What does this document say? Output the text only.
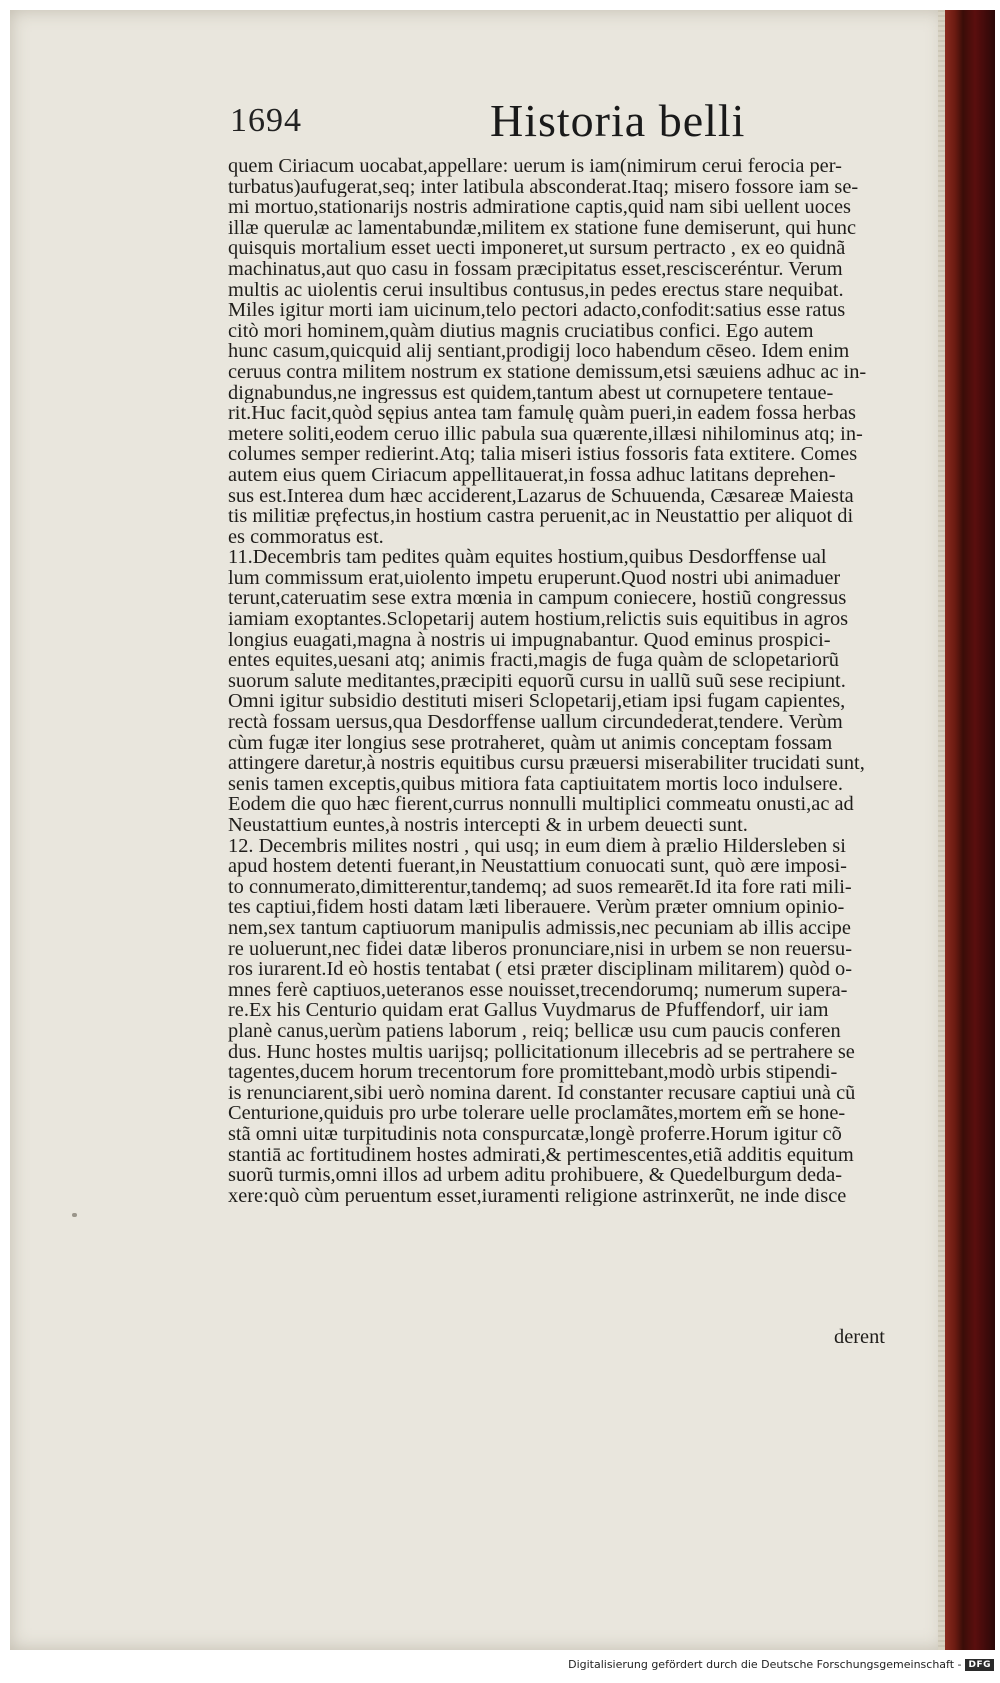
1694	Historia belli
quem Ciriacum uocabat,appellare: uerum is iam(nimirum cerui ferocia per-
turbatus)aufugerat,seq; inter latibula absconderat.Itaq; misero fossore iam se-
mi mortuo,stationarijs nostris admiratione captis,quid nam sibi uellent uoces
illæ querulæ ac lamentabundæ,militem ex statione fune demiserunt, qui hunc
quisquis mortalium esset uecti imponeret,ut sursum pertracto , ex eo quidnã
machinatus,aut quo casu in fossam præcipitatus esset,rescisceréntur. Verum
multis ac uiolentis cerui insultibus contusus,in pedes erectus stare nequibat.
Miles igitur morti iam uicinum,telo pectori adacto,confodit:satius esse ratus
citò mori hominem,quàm diutius magnis cruciatibus confici. Ego autem
hunc casum,quicquid alij sentiant,prodigij loco habendum cēseo. Idem enim
ceruus contra militem nostrum ex statione demissum,etsi sæuiens adhuc ac in-
dignabundus,ne ingressus est quidem,tantum abest ut cornupetere tentaue-
rit.Huc facit,quòd sępius antea tam famulę quàm pueri,in eadem fossa herbas
metere soliti,eodem ceruo illic pabula sua quærente,illæsi nihilominus atq; in-
columes semper redierint.Atq; talia miseri istius fossoris fata extitere. Comes
autem eius quem Ciriacum appellitauerat,in fossa adhuc latitans deprehen-
sus est.Interea dum hæc acciderent,Lazarus de Schuuenda, Cæsareæ Maiesta
tis militiæ pręfectus,in hostium castra peruenit,ac in Neustattio per aliquot di
es commoratus est.
11.Decembris tam pedites quàm equites hostium,quibus Desdorffense ual
lum commissum erat,uiolento impetu eruperunt.Quod nostri ubi animaduer
terunt,cateruatim sese extra mœnia in campum coniecere, hostiũ congressus
iamiam exoptantes.Sclopetarij autem hostium,relictis suis equitibus in agros
longius euagati,magna à nostris ui impugnabantur. Quod eminus prospici-
entes equites,uesani atq; animis fracti,magis de fuga quàm de sclopetariorũ
suorum salute meditantes,præcipiti equorũ cursu in uallũ suũ sese recipiunt.
Omni igitur subsidio destituti miseri Sclopetarij,etiam ipsi fugam capientes,
rectà fossam uersus,qua Desdorffense uallum circundederat,tendere. Verùm
cùm fugæ iter longius sese protraheret, quàm ut animis conceptam fossam
attingere daretur,à nostris equitibus cursu præuersi miserabiliter trucidati sunt,
senis tamen exceptis,quibus mitiora fata captiuitatem mortis loco indulsere.
Eodem die quo hæc fierent,currus nonnulli multiplici commeatu onusti,ac ad
Neustattium euntes,à nostris intercepti & in urbem deuecti sunt.
12. Decembris milites nostri , qui usq; in eum diem à prælio Hildersleben si
apud hostem detenti fuerant,in Neustattium conuocati sunt, quò ære imposi-
to connumerato,dimitterentur,tandemq; ad suos remearēt.Id ita fore rati mili-
tes captiui,fidem hosti datam læti liberauere. Verùm præter omnium opinio-
nem,sex tantum captiuorum manipulis admissis,nec pecuniam ab illis accipe
re uoluerunt,nec fidei datæ liberos pronunciare,nisi in urbem se non reuersu-
ros iurarent.Id eò hostis tentabat ( etsi præter disciplinam militarem) quòd o-
mnes ferè captiuos,ueteranos esse nouisset,trecendorumq; numerum supera-
re.Ex his Centurio quidam erat Gallus Vuydmarus de Pfuffendorf, uir iam
planè canus,uerùm patiens laborum , reiq; bellicæ usu cum paucis conferen
dus. Hunc hostes multis uarijsq; pollicitationum illecebris ad se pertrahere se
tagentes,ducem horum trecentorum fore promittebant,modò urbis stipendi-
is renunciarent,sibi uerò nomina darent. Id constanter recusare captiui unà cũ
Centurione,quiduis pro urbe tolerare uelle proclamãtes,mortem em̃ se hone-
stã omni uitæ turpitudinis nota conspurcatæ,longè proferre.Horum igitur cõ
stantiā ac fortitudinem hostes admirati,& pertimescentes,etiã additis equitum
suorũ turmis,omni illos ad urbem aditu prohibuere, & Quedelburgum deda-
xere:quò cùm peruentum esset,iuramenti religione astrinxerũt, ne inde disce
derent
Digitalisierung gefördert durch die Deutsche Forschungsgemeinschaft - DFG
